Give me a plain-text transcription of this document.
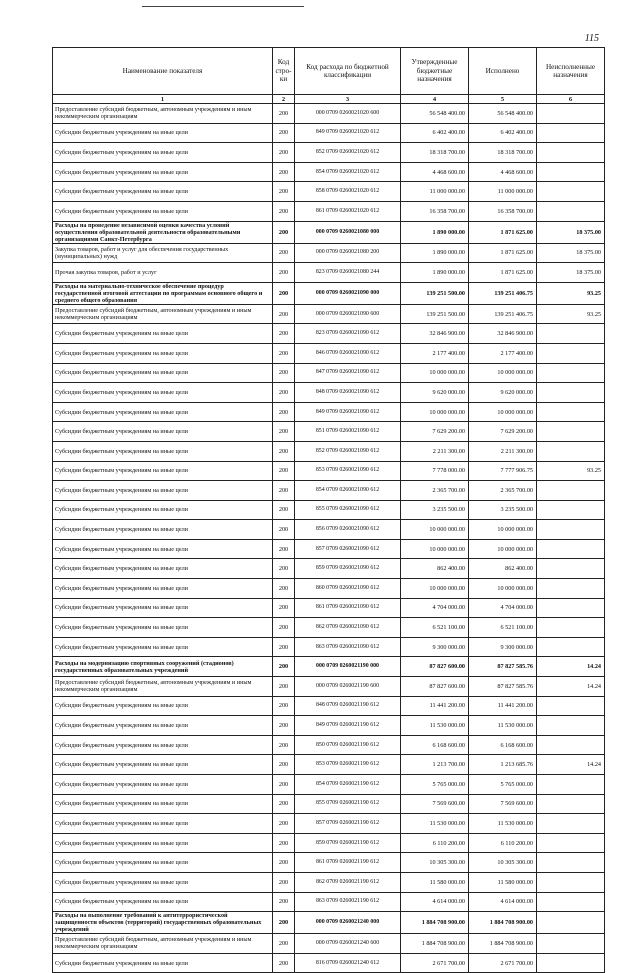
115
Наименование показателя	Код стро-ки	Код расхода по бюджетной классификации	Утвержденные бюджетные назначения	Исполнено	Неисполненные назначения
1	2	3	4	5	6
Предоставление субсидий бюджетным, автономным учреждениям и иным некоммерческим организациям	200	000 0709 0260021020 600	56 548 400.00	56 548 400.00	
Субсидии бюджетным учреждениям на иные цели	200	849 0709 0260021020 612	6 402 400.00	6 402 400.00	
Субсидии бюджетным учреждениям на иные цели	200	852 0709 0260021020 612	18 318 700.00	18 318 700.00	
Субсидии бюджетным учреждениям на иные цели	200	854 0709 0260021020 612	4 468 600.00	4 468 600.00	
Субсидии бюджетным учреждениям на иные цели	200	858 0709 0260021020 612	11 000 000.00	11 000 000.00	
Субсидии бюджетным учреждениям на иные цели	200	861 0709 0260021020 612	16 358 700.00	16 358 700.00	
Расходы на проведение независимой оценки качества условий осуществления образовательной деятельности образовательными организациями Санкт-Петербурга	200	000 0709 0260021080 000	1 890 000.00	1 871 625.00	18 375.00
Закупка товаров, работ и услуг для обеспечения государственных (муниципальных) нужд	200	000 0709 0260021080 200	1 890 000.00	1 871 625.00	18 375.00
Прочая закупка товаров, работ и услуг	200	823 0709 0260021080 244	1 890 000.00	1 871 625.00	18 375.00
Расходы на материально-техническое обеспечение процедур государственной итоговой аттестации по программам основного общего и среднего общего образования	200	000 0709 0260021090 000	139 251 500.00	139 251 406.75	93.25
Предоставление субсидий бюджетным, автономным учреждениям и иным некоммерческим организациям	200	000 0709 0260021090 600	139 251 500.00	139 251 406.75	93.25
Субсидии бюджетным учреждениям на иные цели	200	823 0709 0260021090 612	32 846 900.00	32 846 900.00	
Субсидии бюджетным учреждениям на иные цели	200	846 0709 0260021090 612	2 177 400.00	2 177 400.00	
Субсидии бюджетным учреждениям на иные цели	200	847 0709 0260021090 612	10 000 000.00	10 000 000.00	
Субсидии бюджетным учреждениям на иные цели	200	848 0709 0260021090 612	9 620 000.00	9 620 000.00	
Субсидии бюджетным учреждениям на иные цели	200	849 0709 0260021090 612	10 000 000.00	10 000 000.00	
Субсидии бюджетным учреждениям на иные цели	200	851 0709 0260021090 612	7 629 200.00	7 629 200.00	
Субсидии бюджетным учреждениям на иные цели	200	852 0709 0260021090 612	2 211 300.00	2 211 300.00	
Субсидии бюджетным учреждениям на иные цели	200	853 0709 0260021090 612	7 778 000.00	7 777 906.75	93.25
Субсидии бюджетным учреждениям на иные цели	200	854 0709 0260021090 612	2 365 700.00	2 365 700.00	
Субсидии бюджетным учреждениям на иные цели	200	855 0709 0260021090 612	3 235 500.00	3 235 500.00	
Субсидии бюджетным учреждениям на иные цели	200	856 0709 0260021090 612	10 000 000.00	10 000 000.00	
Субсидии бюджетным учреждениям на иные цели	200	857 0709 0260021090 612	10 000 000.00	10 000 000.00	
Субсидии бюджетным учреждениям на иные цели	200	859 0709 0260021090 612	862 400.00	862 400.00	
Субсидии бюджетным учреждениям на иные цели	200	860 0709 0260021090 612	10 000 000.00	10 000 000.00	
Субсидии бюджетным учреждениям на иные цели	200	861 0709 0260021090 612	4 704 000.00	4 704 000.00	
Субсидии бюджетным учреждениям на иные цели	200	862 0709 0260021090 612	6 521 100.00	6 521 100.00	
Субсидии бюджетным учреждениям на иные цели	200	863 0709 0260021090 612	9 300 000.00	9 300 000.00	
Расходы на модернизацию спортивных сооружений (стадионов) государственных образовательных учреждений	200	000 0709 0260021190 000	87 827 600.00	87 827 585.76	14.24
Предоставление субсидий бюджетным, автономным учреждениям и иным некоммерческим организациям	200	000 0709 0260021190 600	87 827 600.00	87 827 585.76	14.24
Субсидии бюджетным учреждениям на иные цели	200	848 0709 0260021190 612	11 441 200.00	11 441 200.00	
Субсидии бюджетным учреждениям на иные цели	200	849 0709 0260021190 612	11 530 000.00	11 530 000.00	
Субсидии бюджетным учреждениям на иные цели	200	850 0709 0260021190 612	6 168 600.00	6 168 600.00	
Субсидии бюджетным учреждениям на иные цели	200	853 0709 0260021190 612	1 213 700.00	1 213 685.76	14.24
Субсидии бюджетным учреждениям на иные цели	200	854 0709 0260021190 612	5 765 000.00	5 765 000.00	
Субсидии бюджетным учреждениям на иные цели	200	855 0709 0260021190 612	7 569 600.00	7 569 600.00	
Субсидии бюджетным учреждениям на иные цели	200	857 0709 0260021190 612	11 530 000.00	11 530 000.00	
Субсидии бюджетным учреждениям на иные цели	200	859 0709 0260021190 612	6 110 200.00	6 110 200.00	
Субсидии бюджетным учреждениям на иные цели	200	861 0709 0260021190 612	10 305 300.00	10 305 300.00	
Субсидии бюджетным учреждениям на иные цели	200	862 0709 0260021190 612	11 580 000.00	11 580 000.00	
Субсидии бюджетным учреждениям на иные цели	200	863 0709 0260021190 612	4 614 000.00	4 614 000.00	
Расходы на выполнение требований к антитеррористической защищенности объектов (территорий) государственных образовательных учреждений	200	000 0709 0260021240 000	1 884 708 900.00	1 884 708 900.00	
Предоставление субсидий бюджетным, автономным учреждениям и иным некоммерческим организациям	200	000 0709 0260021240 600	1 884 708 900.00	1 884 708 900.00	
Субсидии бюджетным учреждениям на иные цели	200	816 0709 0260021240 612	2 671 700.00	2 671 700.00	
